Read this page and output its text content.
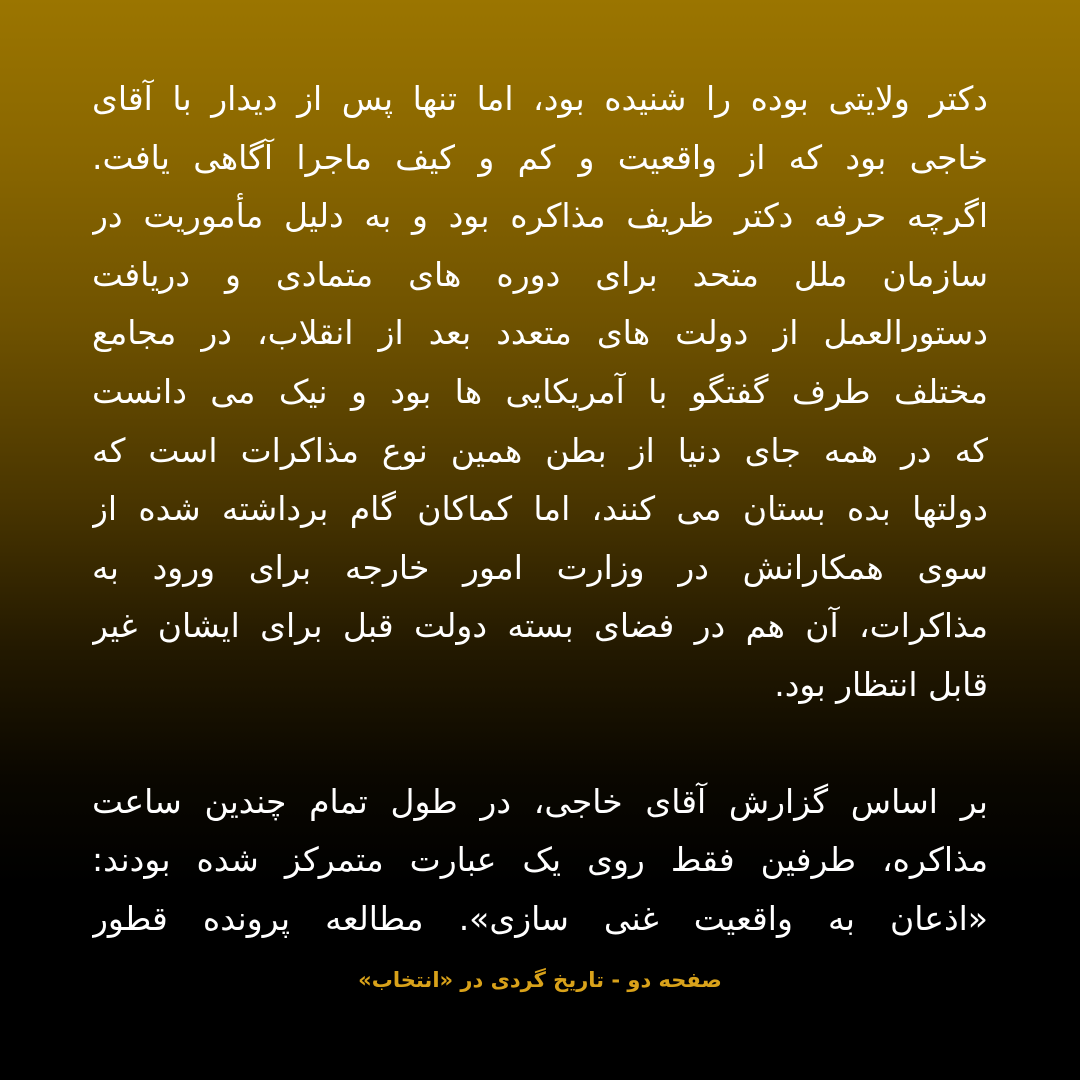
دکتر ولایتی بوده را شنیده بود، اما تنها پس از دیدار با آقای
خاجی بود که از واقعیت و کم و کیف ماجرا آگاهی یافت.
اگرچه حرفه دکتر ظریف مذاکره بود و به دلیل مأموریت در
سازمان ملل متحد برای دوره های متمادی و دریافت
دستورالعمل از دولت های متعدد بعد از انقلاب، در مجامع
مختلف طرف گفتگو با آمریکایی ها بود و نیک می دانست
که در همه جای دنیا از بطن همین نوع مذاکرات است که
دولتها بده بستان می کنند، اما کماکان گام برداشته شده از
سوی همکارانش در وزارت امور خارجه برای ورود به
مذاکرات، آن هم در فضای بسته دولت قبل برای ایشان غیر
قابل انتظار بود.
بر اساس گزارش آقای خاجی، در طول تمام چندین ساعت
مذاکره، طرفین فقط روی یک عبارت متمرکز شده بودند:
«اذعان به واقعیت غنی سازی». مطالعه پرونده قطور
صفحه دو - تاریخ گردی در «انتخاب»
